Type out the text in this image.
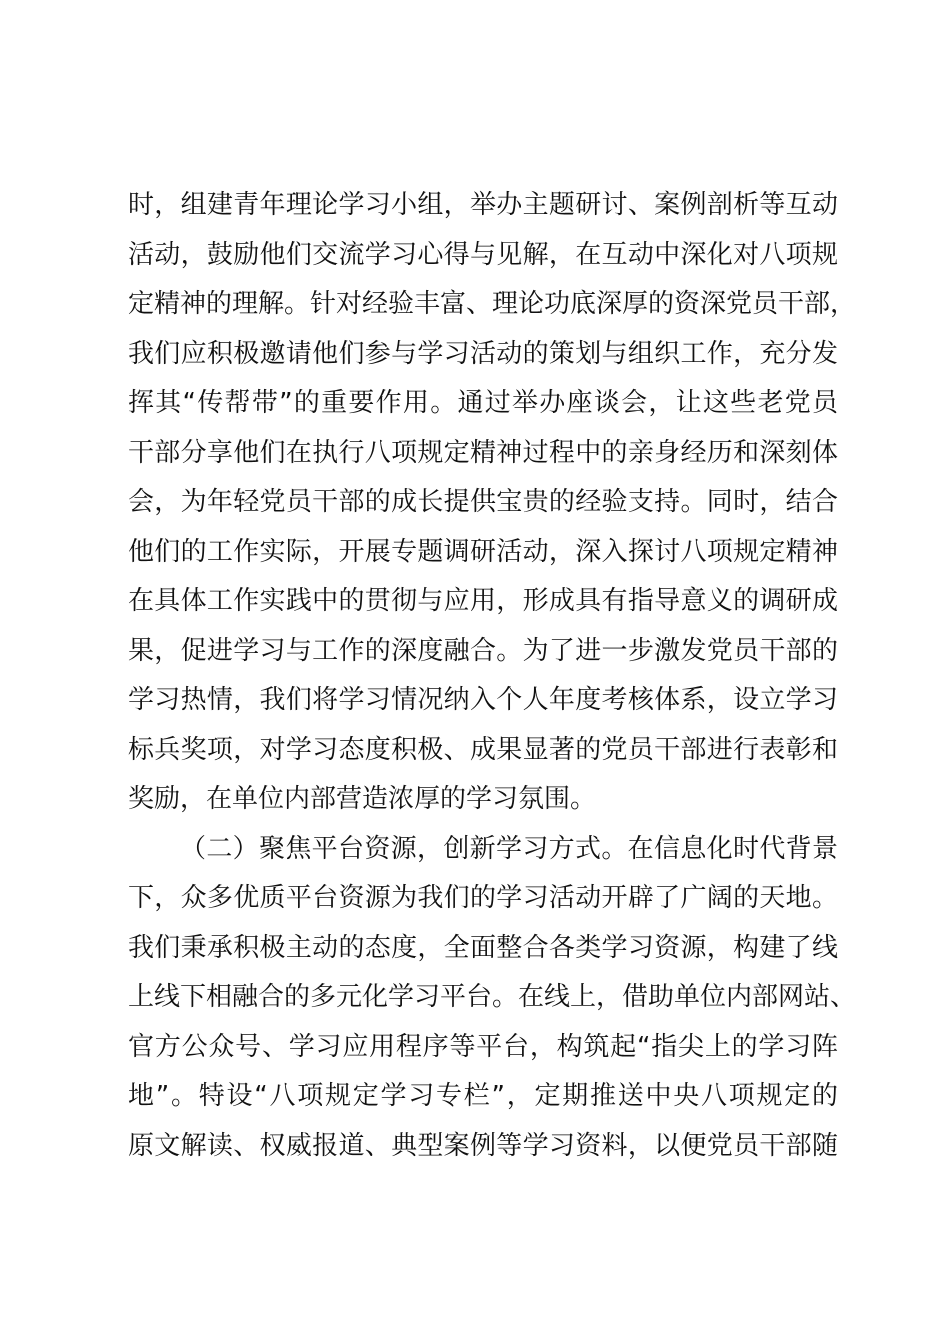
时，组建青年理论学习小组，举办主题研讨、案例剖析等互动
活动，鼓励他们交流学习心得与见解，在互动中深化对八项规
定精神的理解。针对经验丰富、理论功底深厚的资深党员干部，
我们应积极邀请他们参与学习活动的策划与组织工作，充分发
挥其“传帮带”的重要作用。通过举办座谈会，让这些老党员
干部分享他们在执行八项规定精神过程中的亲身经历和深刻体
会，为年轻党员干部的成长提供宝贵的经验支持。同时，结合
他们的工作实际，开展专题调研活动，深入探讨八项规定精神
在具体工作实践中的贯彻与应用，形成具有指导意义的调研成
果，促进学习与工作的深度融合。为了进一步激发党员干部的
学习热情，我们将学习情况纳入个人年度考核体系，设立学习
标兵奖项，对学习态度积极、成果显著的党员干部进行表彰和
奖励，在单位内部营造浓厚的学习氛围。
（二）聚焦平台资源，创新学习方式。在信息化时代背景
下，众多优质平台资源为我们的学习活动开辟了广阔的天地。
我们秉承积极主动的态度，全面整合各类学习资源，构建了线
上线下相融合的多元化学习平台。在线上，借助单位内部网站、
官方公众号、学习应用程序等平台，构筑起“指尖上的学习阵
地”。特设“八项规定学习专栏”，定期推送中央八项规定的
原文解读、权威报道、典型案例等学习资料，以便党员干部随
